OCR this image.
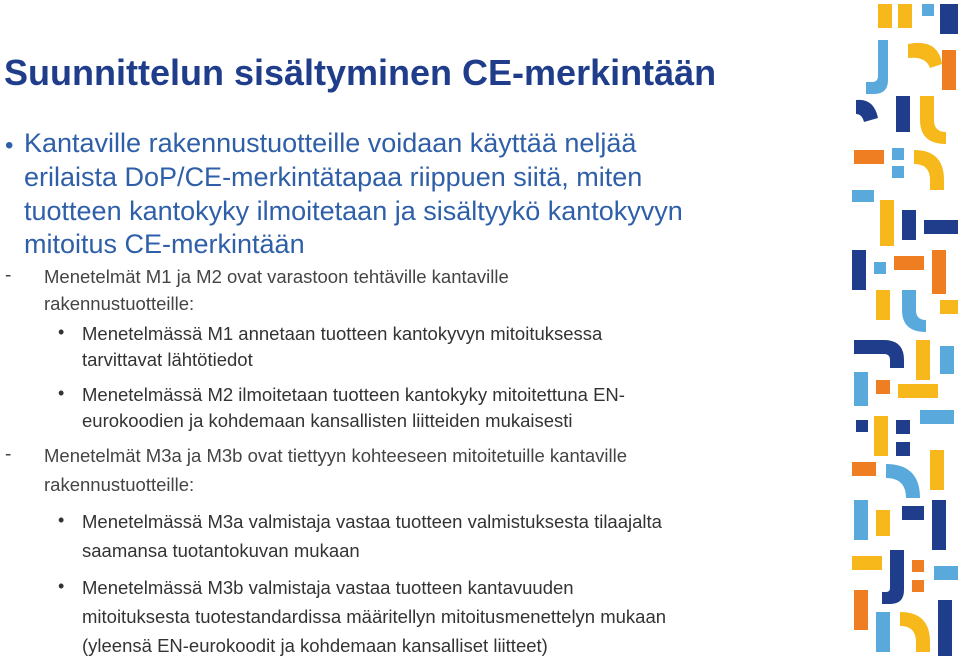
Suunnittelun sisältyminen CE-merkintään
• Kantaville rakennustuotteille voidaan käyttää neljää

erilaista DoP/CE-merkintätapaa riippuen siitä, miten

tuotteen kantokyky ilmoitetaan ja sisältyykö kantokyvyn

mitoitus CE-merkintään

- Menetelmät M1 ja M2 ovat varastoon tehtäville kantaville

rakennustuotteille:

• Menetelmässä M1 annetaan tuotteen kantokyvyn mitoituksessa

tarvittavat lähtötiedot

• Menetelmässä M2 ilmoitetaan tuotteen kantokyky mitoitettuna EN-

eurokoodien ja kohdemaan kansallisten liitteiden mukaisesti

- Menetelmät M3a ja M3b ovat tiettyyn kohteeseen mitoitetuille kantaville

rakennustuotteille:

• Menetelmässä M3a valmistaja vastaa tuotteen valmistuksesta tilaajalta

saamansa tuotantokuvan mukaan

• Menetelmässä M3b valmistaja vastaa tuotteen kantavuuden

mitoituksesta tuotestandardissa määritellyn mitoitusmenettelyn mukaan

(yleensä EN-eurokoodit ja kohdemaan kansalliset liitteet)
